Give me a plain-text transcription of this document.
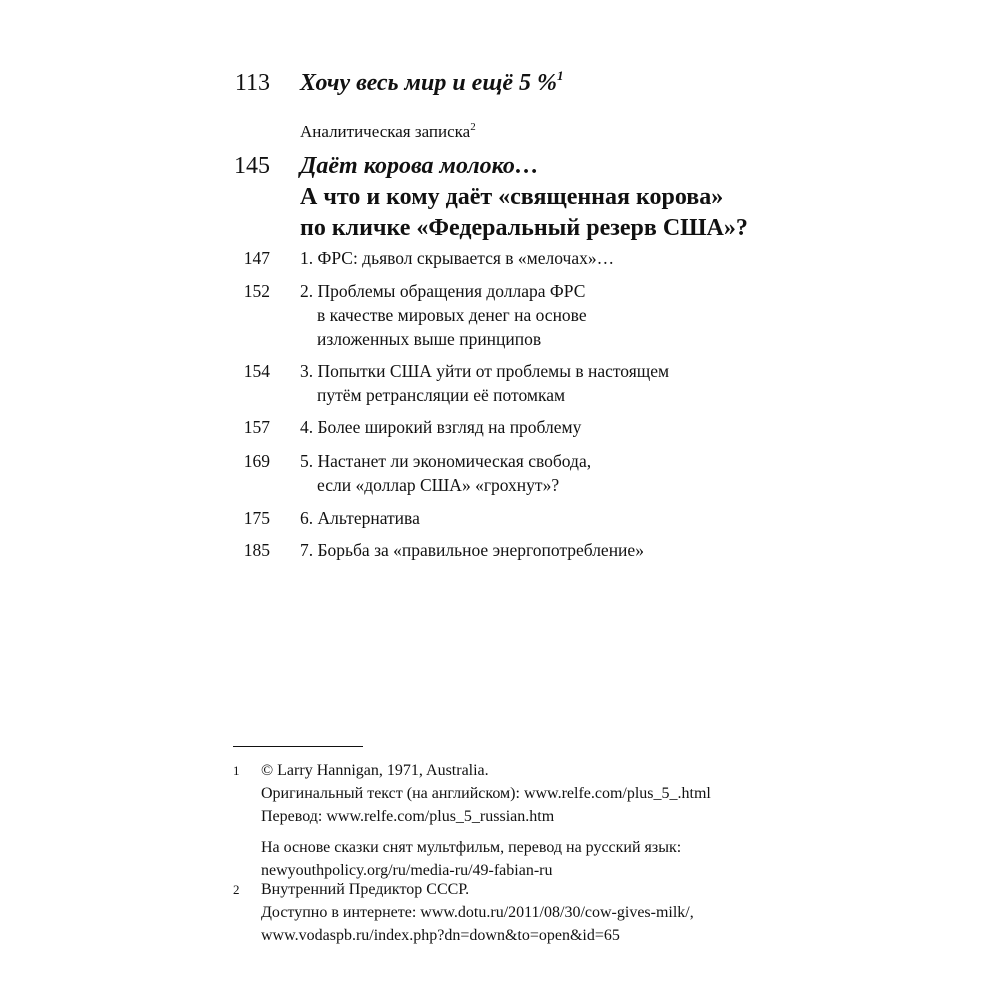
113 Хочу весь мир и ещё 5 %$^1$
Аналитическая записка$^2$
145 Даёт корова молоко…
А что и кому даёт «священная корова»
по кличке «Федеральный резерв США»?
147 1. ФРС: дьявол скрывается в «мелочах»…
152 2. Проблемы обращения доллара ФРС
в качестве мировых денег на основе
изложенных выше принципов
154 3. Попытки США уйти от проблемы в настоящем
путём ретрансляции её потомкам
157 4. Более широкий взгляд на проблему
169 5. Настанет ли экономическая свобода,
если «доллар США» «грохнут»?
175 6. Альтернатива
185 7. Борьба за «правильное энергопотребление»
1 © Larry Hannigan, 1971, Australia.
Оригинальный текст (на английском): www.relfe.com/plus_5_.html
Перевод: www.relfe.com/plus_5_russian.htm
На основе сказки снят мультфильм, перевод на русский язык:
newyouthpolicy.org/ru/media-ru/49-fabian-ru
2 Внутренний Предиктор СССР.
Доступно в интернете: www.dotu.ru/2011/08/30/cow-gives-milk/,
www.vodaspb.ru/index.php?dn=down&to=open&id=65
